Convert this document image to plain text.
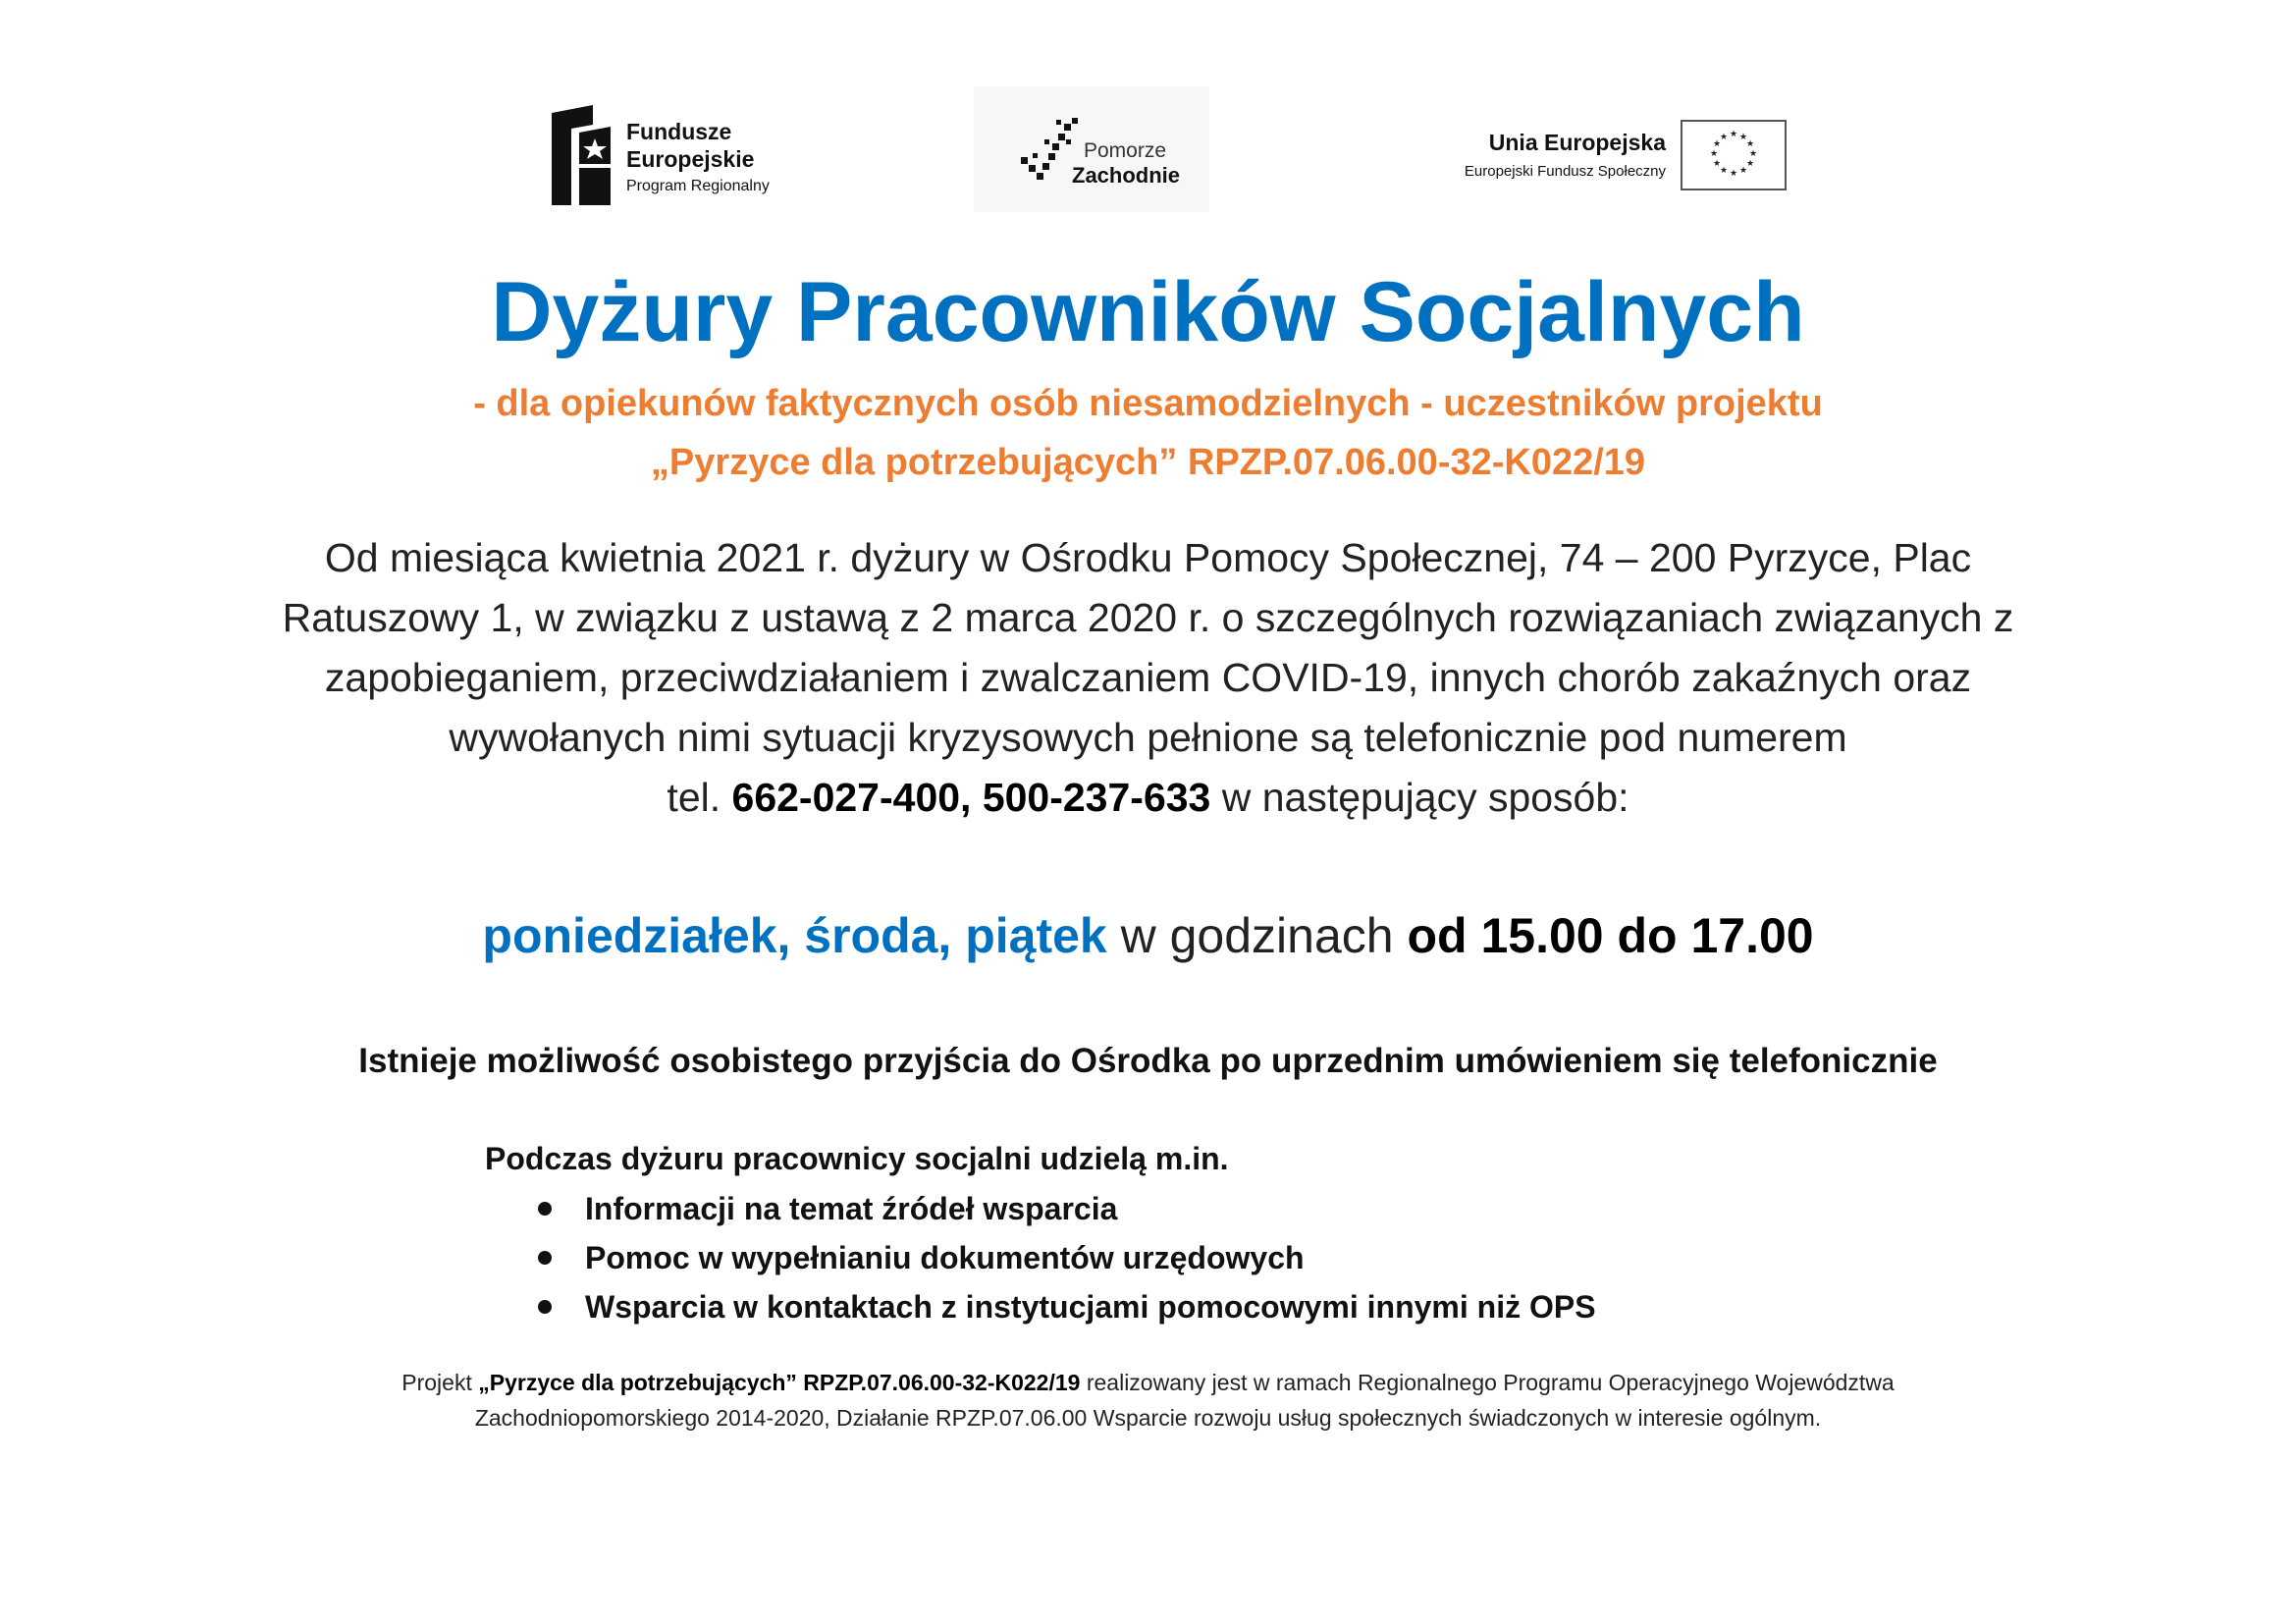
Fundusze
Europejskie
Program Regionalny
Pomorze
Zachodnie
Unia Europejska
Europejski Fundusz Społeczny
★ ★
★
★
★
★
★
★
★
★
★
★
Dyżury Pracowników Socjalnych
- dla opiekunów faktycznych osób niesamodzielnych - uczestników projektu
„Pyrzyce dla potrzebujących” RPZP.07.06.00-32-K022/19
Od miesiąca kwietnia 2021 r. dyżury w Ośrodku Pomocy Społecznej, 74 – 200 Pyrzyce, Plac
Ratuszowy 1, w związku z ustawą z 2 marca 2020 r. o szczególnych rozwiązaniach związanych z
zapobieganiem, przeciwdziałaniem i zwalczaniem COVID-19, innych chorób zakaźnych oraz
wywołanych nimi sytuacji kryzysowych pełnione są telefonicznie pod numerem
tel. 662-027-400, 500-237-633 w następujący sposób:
poniedziałek, środa, piątek w godzinach od 15.00 do 17.00
Istnieje możliwość osobistego przyjścia do Ośrodka po uprzednim umówieniem się telefonicznie
Podczas dyżuru pracownicy socjalni udzielą m.in.
Informacji na temat źródeł wsparcia
Pomoc w wypełnianiu dokumentów urzędowych
Wsparcia w kontaktach z instytucjami pomocowymi innymi niż OPS
Projekt „Pyrzyce dla potrzebujących” RPZP.07.06.00-32-K022/19 realizowany jest w ramach Regionalnego Programu Operacyjnego Województwa
Zachodniopomorskiego 2014-2020, Działanie RPZP.07.06.00 Wsparcie rozwoju usług społecznych świadczonych w interesie ogólnym.
